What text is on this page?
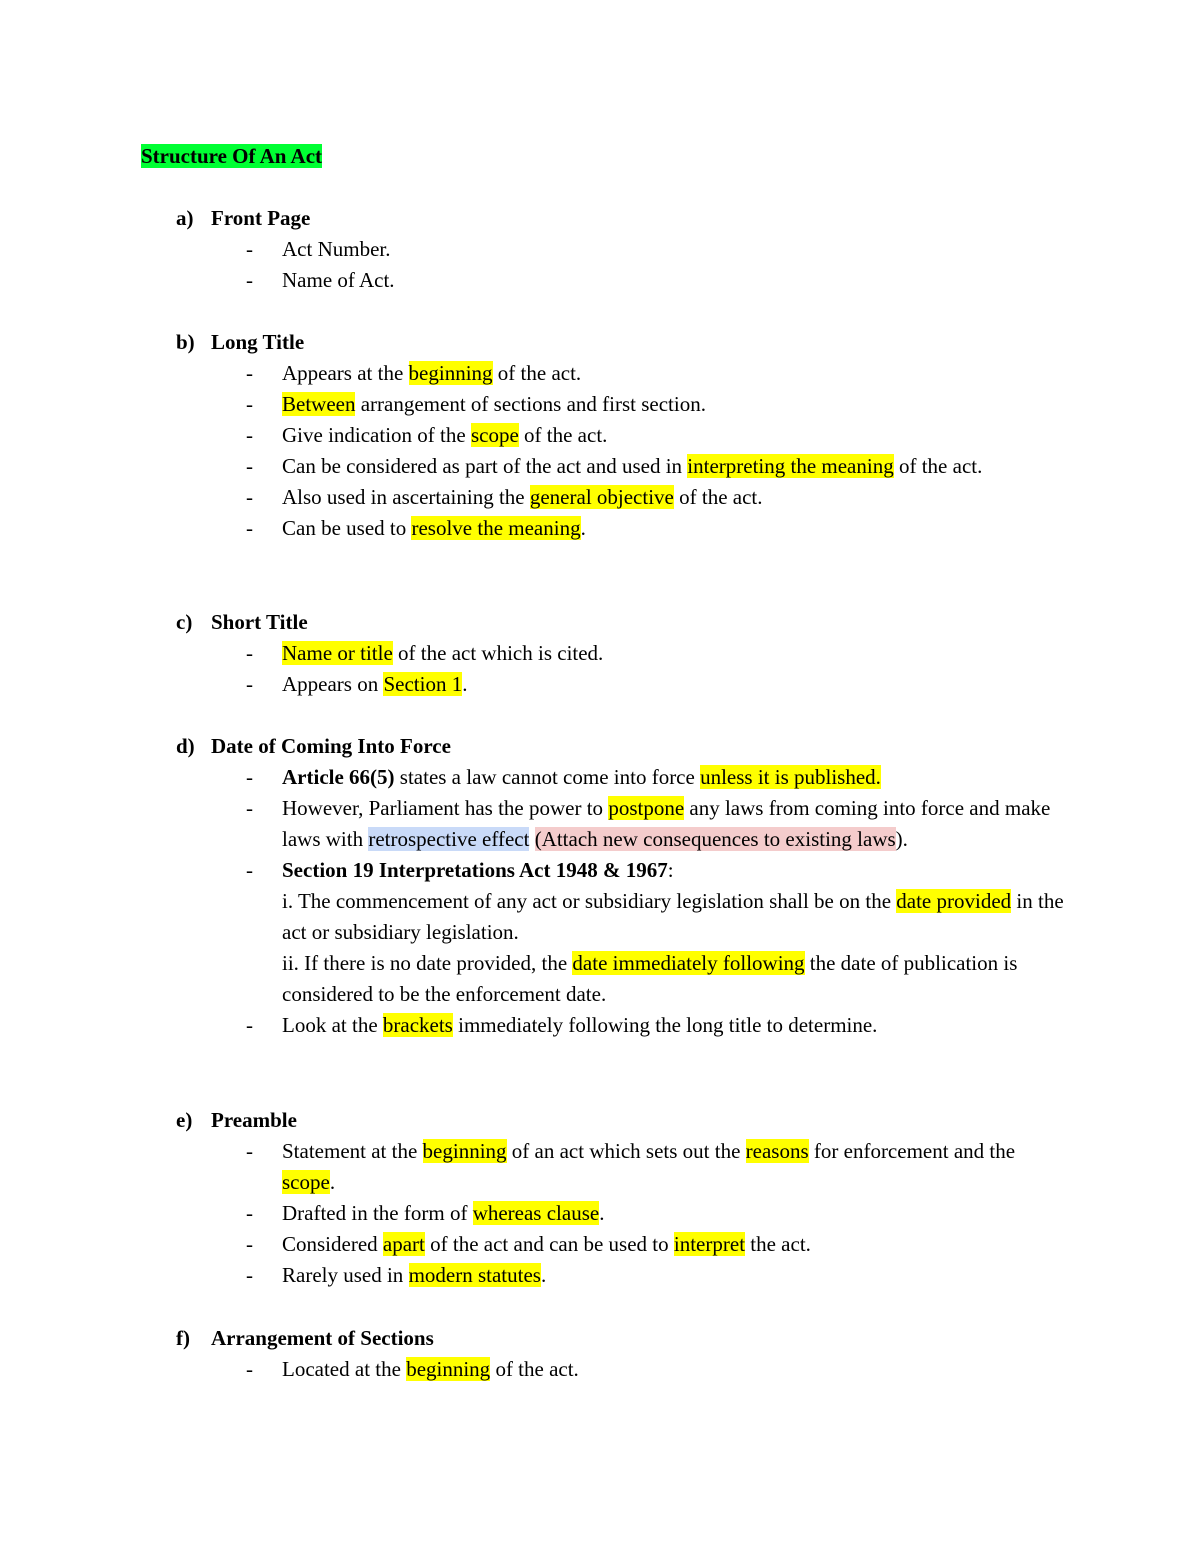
Structure Of An Act
a) Front Page
- Act Number.
- Name of Act.
b) Long Title
- Appears at the beginning of the act.
- Between arrangement of sections and first section.
- Give indication of the scope of the act.
- Can be considered as part of the act and used in interpreting the meaning of the act.
- Also used in ascertaining the general objective of the act.
- Can be used to resolve the meaning.
c) Short Title
- Name or title of the act which is cited.
- Appears on Section 1.
d) Date of Coming Into Force
- Article 66(5) states a law cannot come into force unless it is published.
- However, Parliament has the power to postpone any laws from coming into force and make laws with retrospective effect (Attach new consequences to existing laws).
- Section 19 Interpretations Act 1948 & 1967:
i. The commencement of any act or subsidiary legislation shall be on the date provided in the act or subsidiary legislation.
ii. If there is no date provided, the date immediately following the date of publication is considered to be the enforcement date.
- Look at the brackets immediately following the long title to determine.
e) Preamble
- Statement at the beginning of an act which sets out the reasons for enforcement and the scope.
- Drafted in the form of whereas clause.
- Considered apart of the act and can be used to interpret the act.
- Rarely used in modern statutes.
f) Arrangement of Sections
- Located at the beginning of the act.
